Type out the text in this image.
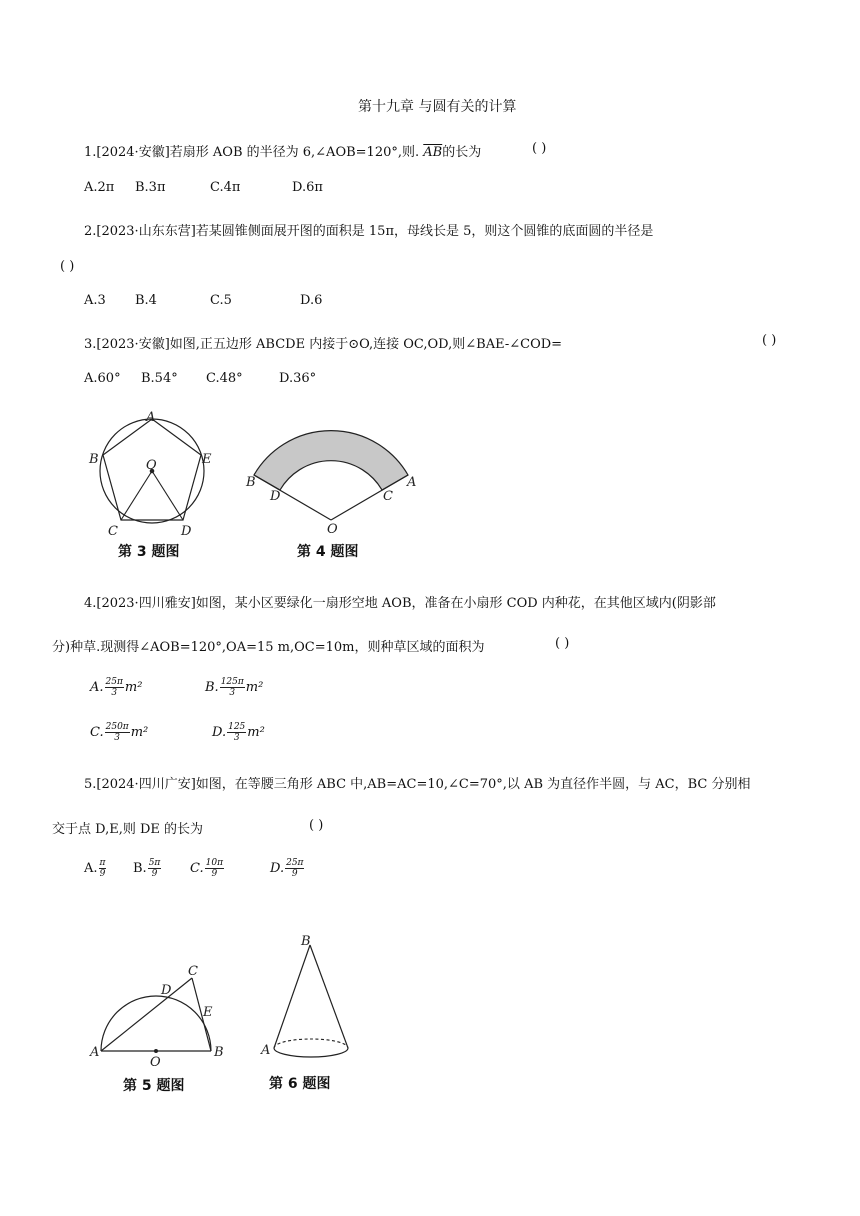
第十九章 与圆有关的计算
1.[2024·安徽]若扇形 AOB 的半径为 6,∠AOB=120°,则. $\overline{AB}$的长为	( )
A.2π B.3π	C.4π	D.6π
2.[2023·山东东营]若某圆锥侧面展开图的面积是 15π，母线长是 5，则这个圆锥的底面圆的半径是
( )
A.3 B.4	C.5	D.6
3.[2023·安徽]如图,正五边形 ABCDE 内接于⊙O,连接 OC,OD,则∠BAE-∠COD=	( )
A.60° B.54° C.48°	D.36°
A
B	E
O
C	D
B
D	C
A
O
第 3 题图	第 4 题图
4.[2023·四川雅安]如图，某小区要绿化一扇形空地 AOB，准备在小扇形 COD 内种花，在其他区域内(阴影部
分)种草.现测得∠AOB=120°,OA=15 m,OC=10m，则种草区域的面积为	( )
A. $\frac{25\pi}{3} m^2$	B. $\frac{125\pi}{3} m^2$
C. $\frac{250\pi}{3} m^2$	D. $\frac{125}{3} m^2$
5.[2024·四川广安]如图，在等腰三角形 ABC 中,AB=AC=10,∠C=70°,以 AB 为直径作半圆，与 AC，BC 分别相
交于点 D,E,则 DE 的长为	( )
A. $\frac{\pi}{9} B$. $\frac{5\pi}{9} C$. $\frac{10\pi}{9}$	D. $\frac{25\pi}{9}$
C
D
E
A
O
B
B
A
第 5 题图	第 6 题图
